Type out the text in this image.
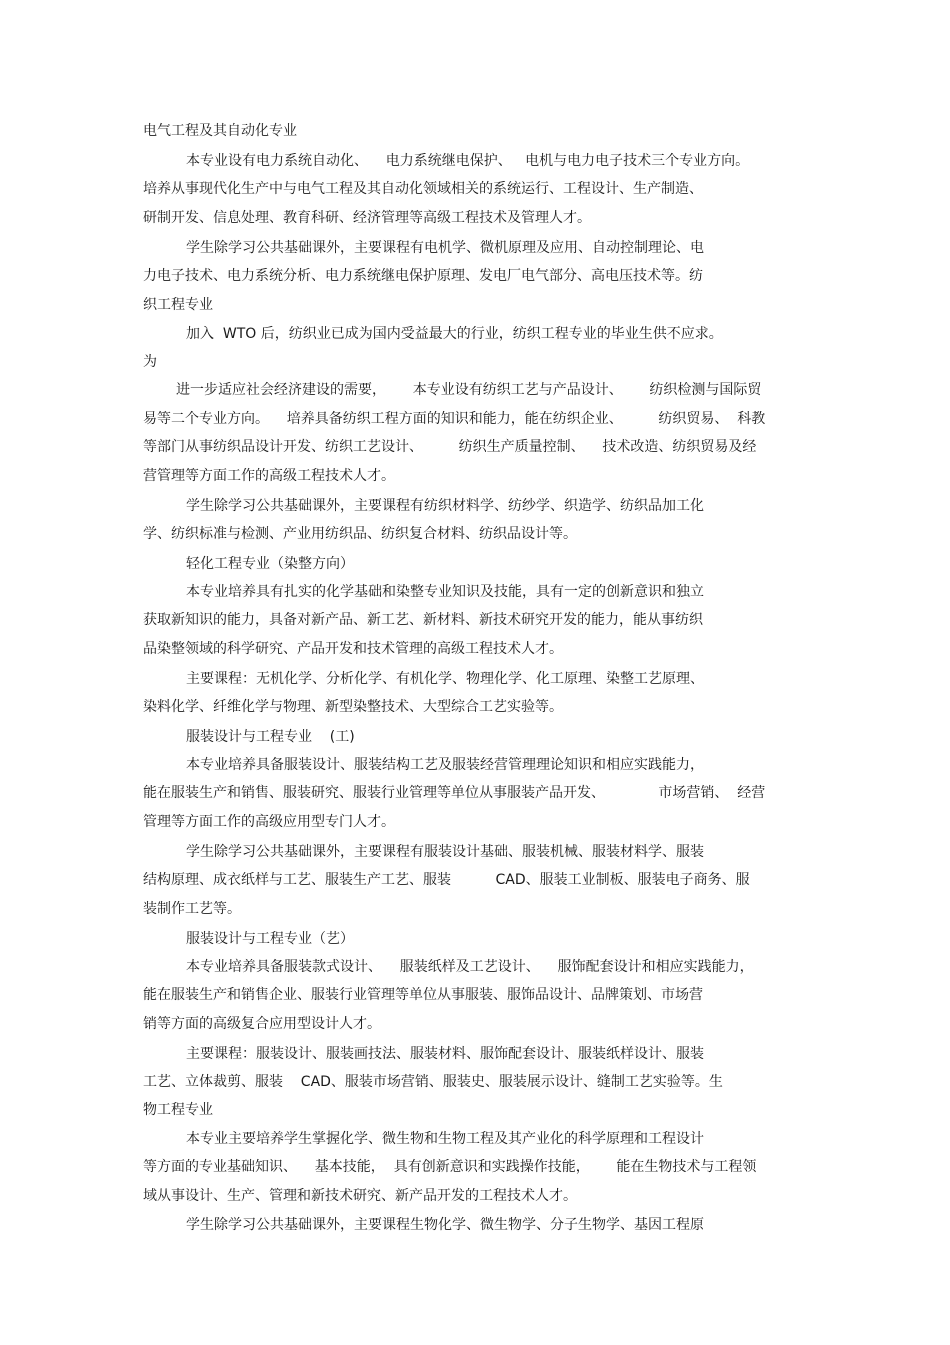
电气工程及其自动化专业
本专业设有电力系统自动化、    电力系统继电保护、   电机与电力电子技术三个专业方向。
培养从事现代化生产中与电气工程及其自动化领域相关的系统运行、工程设计、生产制造、
研制开发、信息处理、教育科研、经济管理等高级工程技术及管理人才。
学生除学习公共基础课外，主要课程有电机学、微机原理及应用、自动控制理论、电
力电子技术、电力系统分析、电力系统继电保护原理、发电厂电气部分、高电压技术等。纺
织工程专业
加入  WTO 后，纺织业已成为国内受益最大的行业，纺织工程专业的毕业生供不应求。
为
进一步适应社会经济建设的需要，      本专业设有纺织工艺与产品设计、      纺织检测与国际贸
易等二个专业方向。    培养具备纺织工程方面的知识和能力，能在纺织企业、        纺织贸易、  科教
等部门从事纺织品设计开发、纺织工艺设计、        纺织生产质量控制、    技术改造、纺织贸易及经
营管理等方面工作的高级工程技术人才。
学生除学习公共基础课外，主要课程有纺织材料学、纺纱学、织造学、纺织品加工化
学、纺织标准与检测、产业用纺织品、纺织复合材料、纺织品设计等。
轻化工程专业（染整方向）
本专业培养具有扎实的化学基础和染整专业知识及技能，具有一定的创新意识和独立
获取新知识的能力，具备对新产品、新工艺、新材料、新技术研究开发的能力，能从事纺织
品染整领域的科学研究、产品开发和技术管理的高级工程技术人才。
主要课程：无机化学、分析化学、有机化学、物理化学、化工原理、染整工艺原理、
染料化学、纤维化学与物理、新型染整技术、大型综合工艺实验等。
服装设计与工程专业    (工)
本专业培养具备服装设计、服装结构工艺及服装经营管理理论知识和相应实践能力，
能在服装生产和销售、服装研究、服装行业管理等单位从事服装产品开发、            市场营销、  经营
管理等方面工作的高级应用型专门人才。
学生除学习公共基础课外，主要课程有服装设计基础、服装机械、服装材料学、服装
结构原理、成衣纸样与工艺、服装生产工艺、服装          CAD、服装工业制板、服装电子商务、服
装制作工艺等。
服装设计与工程专业（艺）
本专业培养具备服装款式设计、    服装纸样及工艺设计、    服饰配套设计和相应实践能力，
能在服装生产和销售企业、服装行业管理等单位从事服装、服饰品设计、品牌策划、市场营
销等方面的高级复合应用型设计人才。
主要课程：服装设计、服装画技法、服装材料、服饰配套设计、服装纸样设计、服装
工艺、立体裁剪、服装    CAD、服装市场营销、服装史、服装展示设计、缝制工艺实验等。生
物工程专业
本专业主要培养学生掌握化学、微生物和生物工程及其产业化的科学原理和工程设计
等方面的专业基础知识、    基本技能，  具有创新意识和实践操作技能，      能在生物技术与工程领
域从事设计、生产、管理和新技术研究、新产品开发的工程技术人才。
学生除学习公共基础课外，主要课程生物化学、微生物学、分子生物学、基因工程原
